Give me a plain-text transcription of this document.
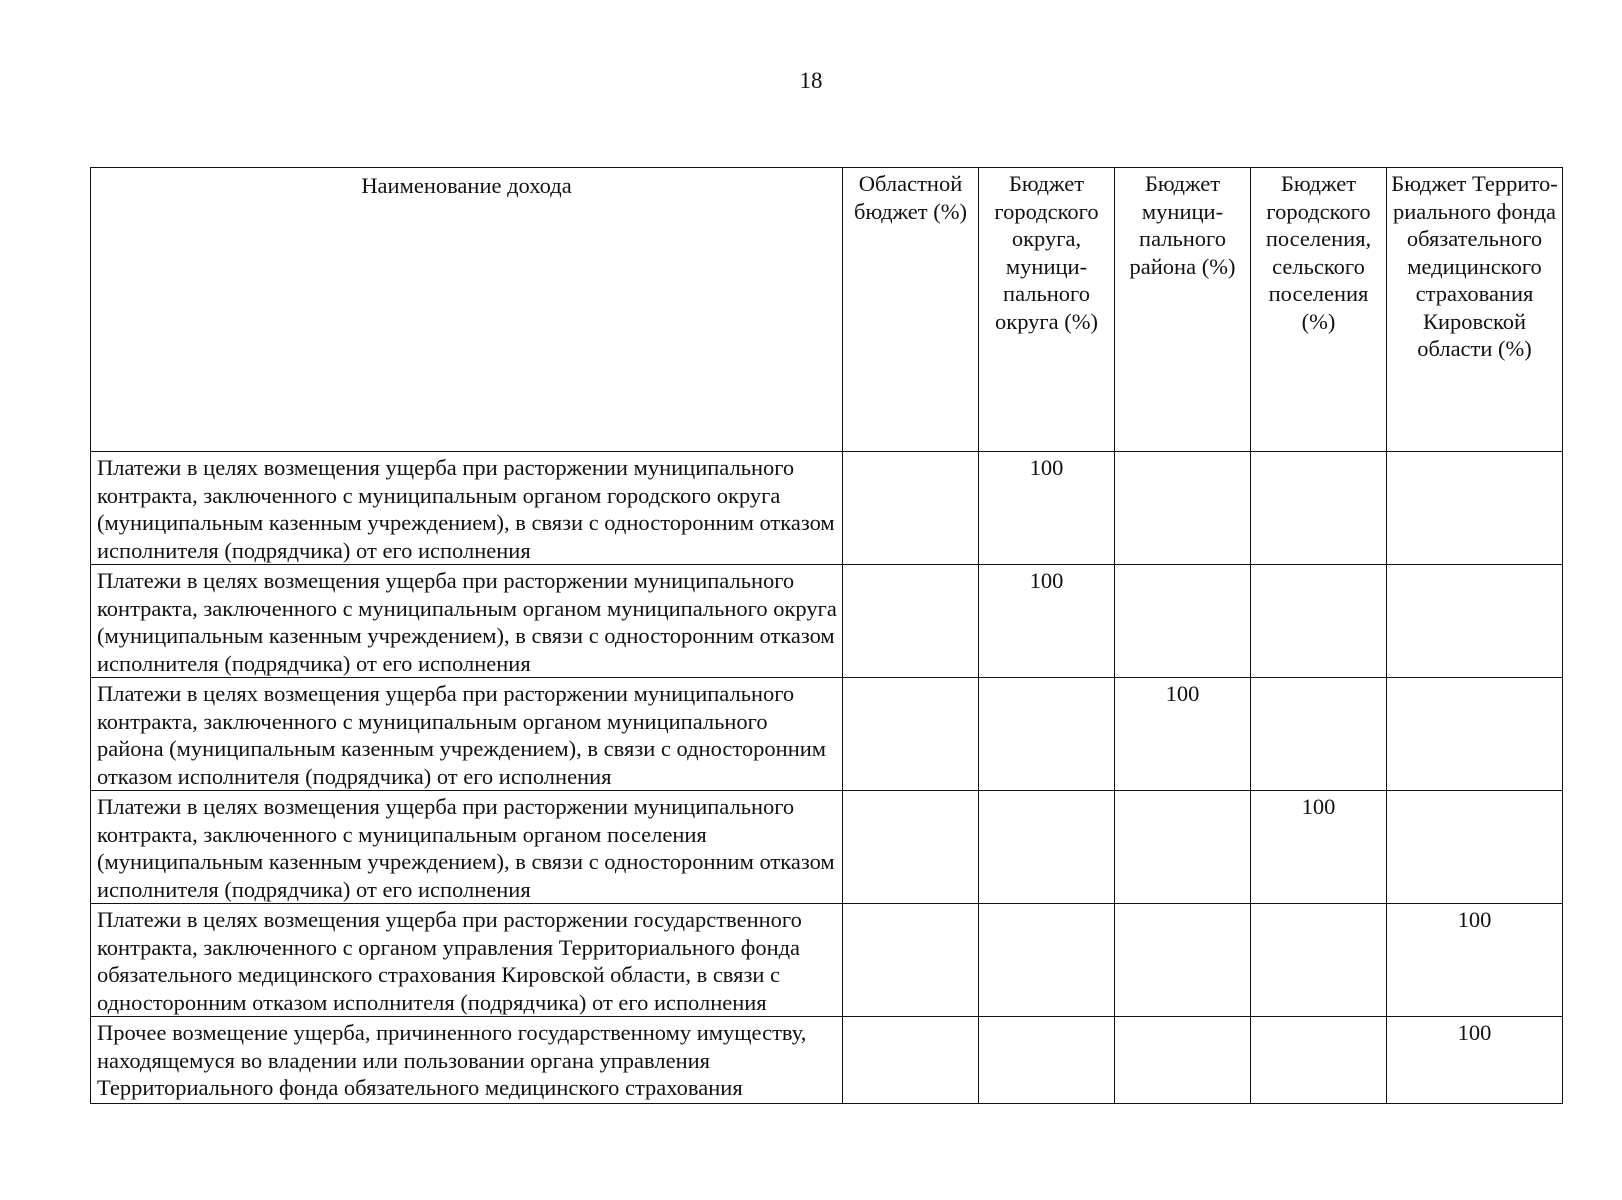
18
Наименование дохода	Областной бюджет (%)	Бюджет городского округа, муници-пального округа (%)	Бюджет муници-пального района (%)	Бюджет городского поселения, сельского поселения (%)	Бюджет Террито-риального фонда обязательного медицинского страхования Кировской области (%)
Платежи в целях возмещения ущерба при расторжении муниципального контракта, заключенного с муниципальным органом городского округа (муниципальным казенным учреждением), в связи с односторонним отказом исполнителя (подрядчика) от его исполнения		100			
Платежи в целях возмещения ущерба при расторжении муниципального контракта, заключенного с муниципальным органом муниципального округа (муниципальным казенным учреждением), в связи с односторонним отказом исполнителя (подрядчика) от его исполнения		100			
Платежи в целях возмещения ущерба при расторжении муниципального контракта, заключенного с муниципальным органом муниципального района (муниципальным казенным учреждением), в связи с односторонним отказом исполнителя (подрядчика) от его исполнения			100		
Платежи в целях возмещения ущерба при расторжении муниципального контракта, заключенного с муниципальным органом поселения (муниципальным казенным учреждением), в связи с односторонним отказом исполнителя (подрядчика) от его исполнения				100	
Платежи в целях возмещения ущерба при расторжении государственного контракта, заключенного с органом управления Территориального фонда обязательного медицинского страхования Кировской области, в связи с односторонним отказом исполнителя (подрядчика) от его исполнения					100
Прочее возмещение ущерба, причиненного государственному имуществу, находящемуся во владении или пользовании органа управления Территориального фонда обязательного медицинского страхования					100
